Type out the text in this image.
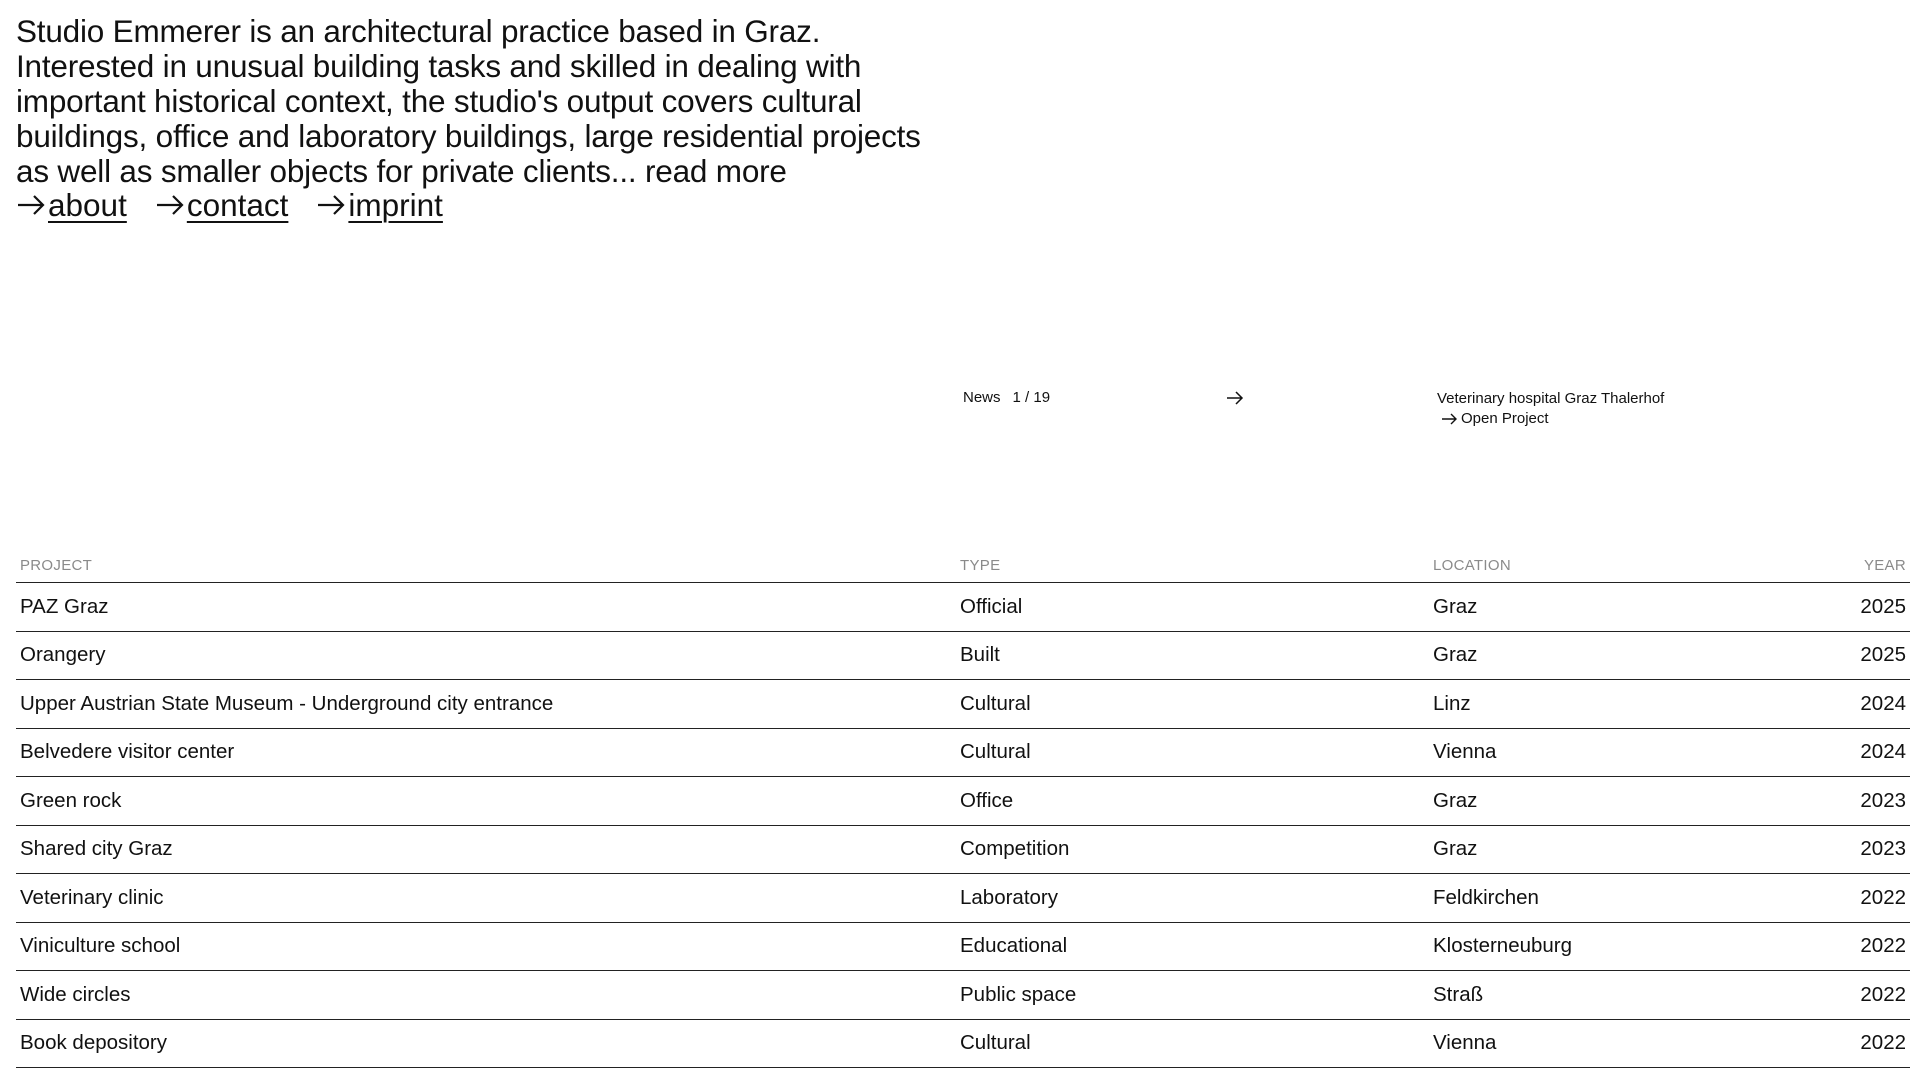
Studio Emmerer is an architectural practice based in Graz. Interested in unusual building tasks and skilled in dealing with important historical context, the studio's output covers cultural buildings, office and laboratory buildings, large residential projects as well as smaller objects for private clients... read more
about contact imprint
News 1 / 19	Veterinary hospital Graz Thalerhof
Open Project
PROJECT	TYPE	LOCATION	YEAR
PAZ Graz	Official	Graz	2025
Orangery	Built	Graz	2025
Upper Austrian State Museum - Underground city entrance	Cultural	Linz	2024
Belvedere visitor center	Cultural	Vienna	2024
Green rock	Office	Graz	2023
Shared city Graz	Competition	Graz	2023
Veterinary clinic	Laboratory	Feldkirchen	2022
Viniculture school	Educational	Klosterneuburg	2022
Wide circles	Public space	Straß	2022
Book depository	Cultural	Vienna	2022
